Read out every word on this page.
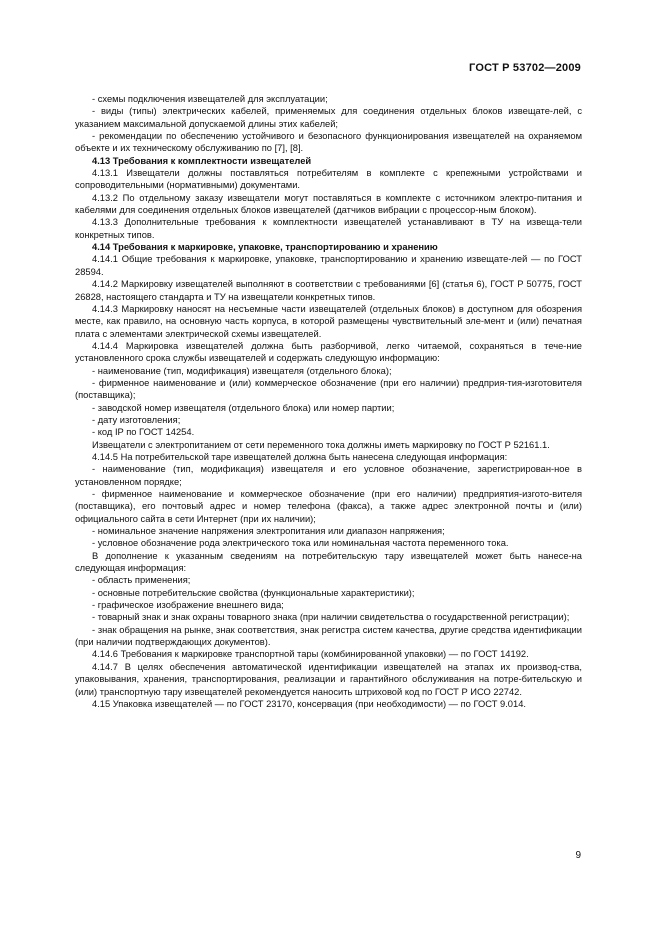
ГОСТ Р 53702—2009

- схемы подключения извещателей для эксплуатации;

- виды (типы) электрических кабелей, применяемых для соединения отдельных блоков извещате-лей, с указанием максимальной допускаемой длины этих кабелей;

- рекомендации по обеспечению устойчивого и безопасного функционирования извещателей на охраняемом объекте и их техническому обслуживанию по [7], [8].

4.13 Требования к комплектности извещателей

4.13.1 Извещатели должны поставляться потребителям в комплекте с крепежными устройствами и сопроводительными (нормативными) документами.

4.13.2 По отдельному заказу извещатели могут поставляться в комплекте с источником электро-питания и кабелями для соединения отдельных блоков извещателей (датчиков вибрации с процессор-ным блоком).

4.13.3 Дополнительные требования к комплектности извещателей устанавливают в ТУ на извеща-тели конкретных типов.

4.14 Требования к маркировке, упаковке, транспортированию и хранению

4.14.1 Общие требования к маркировке, упаковке, транспортированию и хранению извещате-лей — по ГОСТ 28594.

4.14.2 Маркировку извещателей выполняют в соответствии с требованиями [6] (статья 6), ГОСТ Р 50775, ГОСТ 26828, настоящего стандарта и ТУ на извещатели конкретных типов.

4.14.3 Маркировку наносят на несъемные части извещателей (отдельных блоков) в доступном для обозрения месте, как правило, на основную часть корпуса, в которой размещены чувствительный эле-мент и (или) печатная плата с элементами электрической схемы извещателей.

4.14.4 Маркировка извещателей должна быть разборчивой, легко читаемой, сохраняться в тече-ние установленного срока службы извещателей и содержать следующую информацию:

- наименование (тип, модификация) извещателя (отдельного блока);

- фирменное наименование и (или) коммерческое обозначение (при его наличии) предприя-тия-изготовителя (поставщика);

- заводской номер извещателя (отдельного блока) или номер партии;

- дату изготовления;

- код IP по ГОСТ 14254.

Извещатели с электропитанием от сети переменного тока должны иметь маркировку по ГОСТ Р 52161.1.

4.14.5 На потребительской таре извещателей должна быть нанесена следующая информация:

- наименование (тип, модификация) извещателя и его условное обозначение, зарегистрирован-ное в установленном порядке;

- фирменное наименование и коммерческое обозначение (при его наличии) предприятия-изгото-вителя (поставщика), его почтовый адрес и номер телефона (факса), а также адрес электронной почты и (или) официального сайта в сети Интернет (при их наличии);

- номинальное значение напряжения электропитания или диапазон напряжения;

- условное обозначение рода электрического тока или номинальная частота переменного тока.

В дополнение к указанным сведениям на потребительскую тару извещателей может быть нанесе-на следующая информация:

- область применения;

- основные потребительские свойства (функциональные характеристики);

- графическое изображение внешнего вида;

- товарный знак и знак охраны товарного знака (при наличии свидетельства о государственной регистрации);

- знак обращения на рынке, знак соответствия, знак регистра систем качества, другие средства идентификации (при наличии подтверждающих документов).

4.14.6 Требования к маркировке транспортной тары (комбинированной упаковки) — по ГОСТ 14192.

4.14.7 В целях обеспечения автоматической идентификации извещателей на этапах их производ-ства, упаковывания, хранения, транспортирования, реализации и гарантийного обслуживания на потре-бительскую и (или) транспортную тару извещателей рекомендуется наносить штриховой код по ГОСТ Р ИСО 22742.

4.15 Упаковка извещателей — по ГОСТ 23170, консервация (при необходимости) — по ГОСТ 9.014.

9
